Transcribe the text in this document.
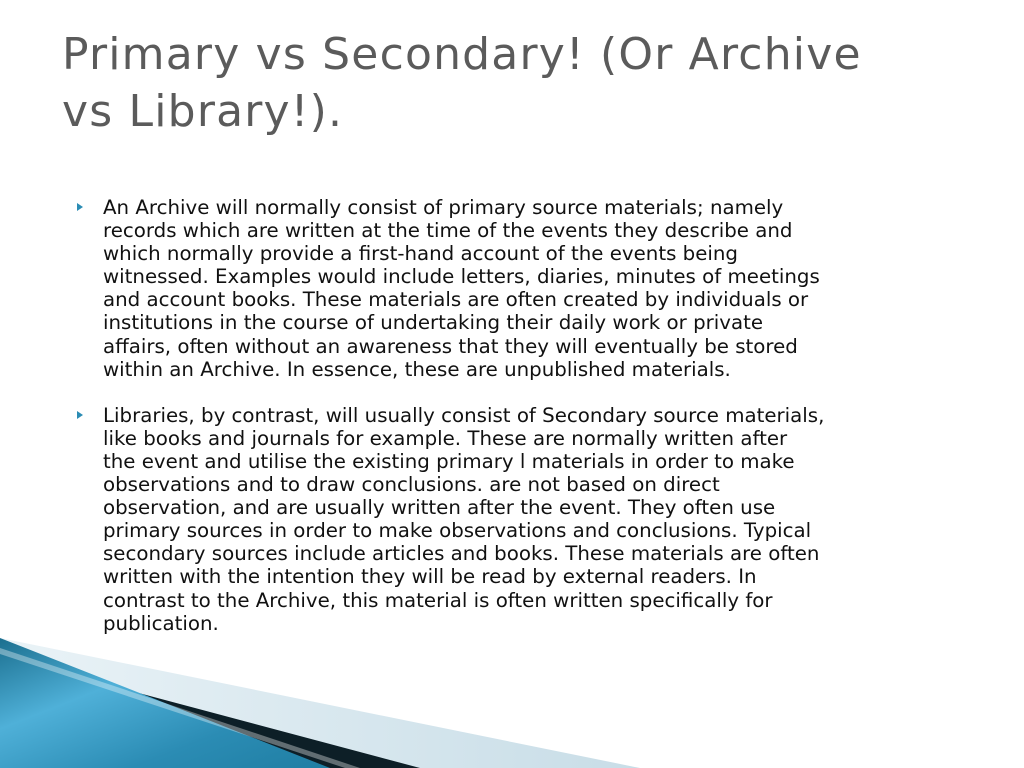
Primary vs Secondary! (Or Archive
vs Library!).
An Archive will normally consist of primary source materials; namely
records which are written at the time of the events they describe and
which normally provide a first-hand account of the events being
witnessed. Examples would include letters, diaries, minutes of meetings
and account books. These materials are often created by individuals or
institutions in the course of undertaking their daily work or private
affairs, often without an awareness that they will eventually be stored
within an Archive. In essence, these are unpublished materials.
Libraries, by contrast, will usually consist of Secondary source materials,
like books and journals for example. These are normally written after
the event and utilise the existing primary l materials in order to make
observations and to draw conclusions. are not based on direct
observation, and are usually written after the event. They often use
primary sources in order to make observations and conclusions. Typical
secondary sources include articles and books. These materials are often
written with the intention they will be read by external readers. In
contrast to the Archive, this material is often written specifically for
publication.
